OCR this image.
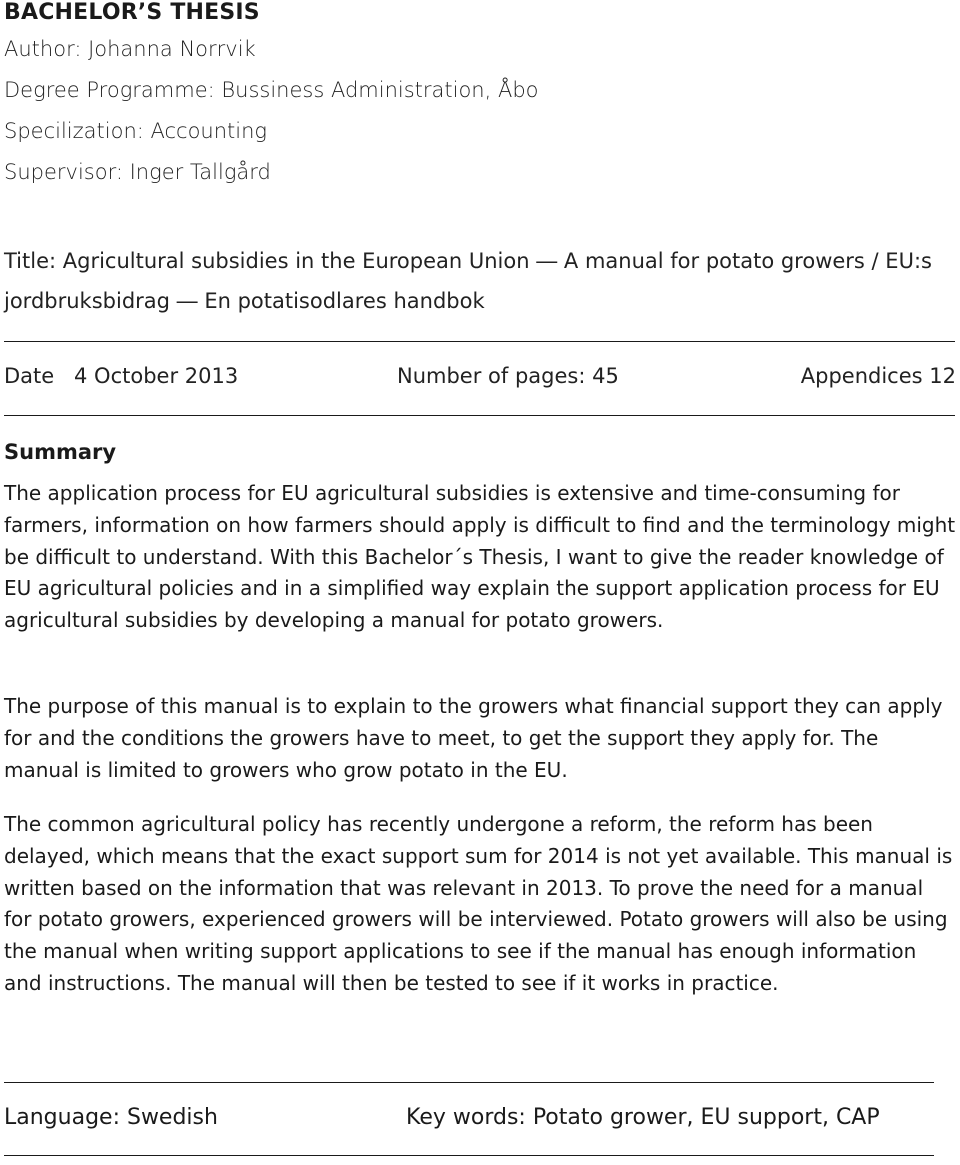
BACHELOR’S THESIS
Author: Johanna Norrvik
Degree Programme: Bussiness Administration, Åbo
Specilization: Accounting
Supervisor: Inger Tallgård
Title: Agricultural subsidies in the European Union ― A manual for potato growers / EU:s jordbruksbidrag ― En potatisodlares handbok
Date 4 October 2013	Number of pages: 45	Appendices 12
Summary
The application process for EU agricultural subsidies is extensive and time-consuming for farmers, information on how farmers should apply is difficult to find and the terminology might be difficult to understand. With this Bachelor´s Thesis, I want to give the reader knowledge of EU agricultural policies and in a simplified way explain the support application process for EU agricultural subsidies by developing a manual for potato growers.
The purpose of this manual is to explain to the growers what financial support they can apply for and the conditions the growers have to meet, to get the support they apply for. The manual is limited to growers who grow potato in the EU.
The common agricultural policy has recently undergone a reform, the reform has been delayed, which means that the exact support sum for 2014 is not yet available. This manual is written based on the information that was relevant in 2013. To prove the need for a manual for potato growers, experienced growers will be interviewed. Potato growers will also be using the manual when writing support applications to see if the manual has enough information and instructions. The manual will then be tested to see if it works in practice.
Language: Swedish	Key words: Potato grower, EU support, CAP
